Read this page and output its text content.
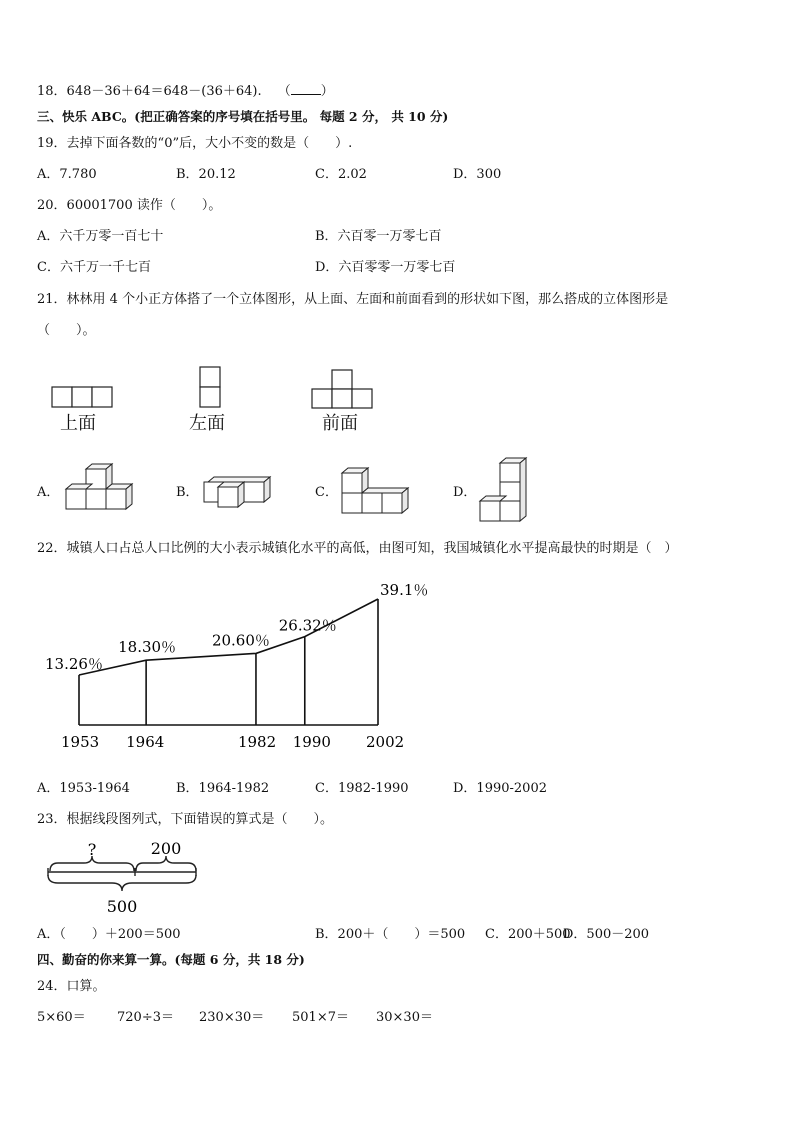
18．648－36＋64＝648－(36＋64). （ ）
三、快乐 ABC。(把正确答案的序号填在括号里。 每题 2 分， 共 10 分)
19．去掉下面各数的“0”后，大小不变的数是（　　）.
A．7.780	B．20.12	C．2.02	D．300
20．60001700 读作（　　）。
A．六千万零一百七十	B．六百零一万零七百
C．六千万一千七百	D．六百零零一万零七百
21．林林用 4 个小正方体搭了一个立体图形，从上面、左面和前面看到的形状如下图，那么搭成的立体图形是
（　　）。
上面	左面	前面
A．	B．	C．	D．
22．城镇人口占总人口比例的大小表示城镇化水平的高低，由图可知，我国城镇化水平提高最快的时期是（　）
13.26％
18.30％ 20.60％
26.32％
39.1％
1953 1964	1982 1990 2002
A．1953-1964	B．1964-1982	C．1982-1990	D．1990-2002
23．根据线段图列式，下面错误的算式是（　　）。
?	200
500
A．（　　）＋200＝500	B．200＋（　　）＝500 C．200＋500
D．500－200
四、勤奋的你来算一算。(每题 6 分，共 18 分)
24．口算。
5×60＝ 720÷3＝ 230×30＝ 501×7＝ 30×30＝
